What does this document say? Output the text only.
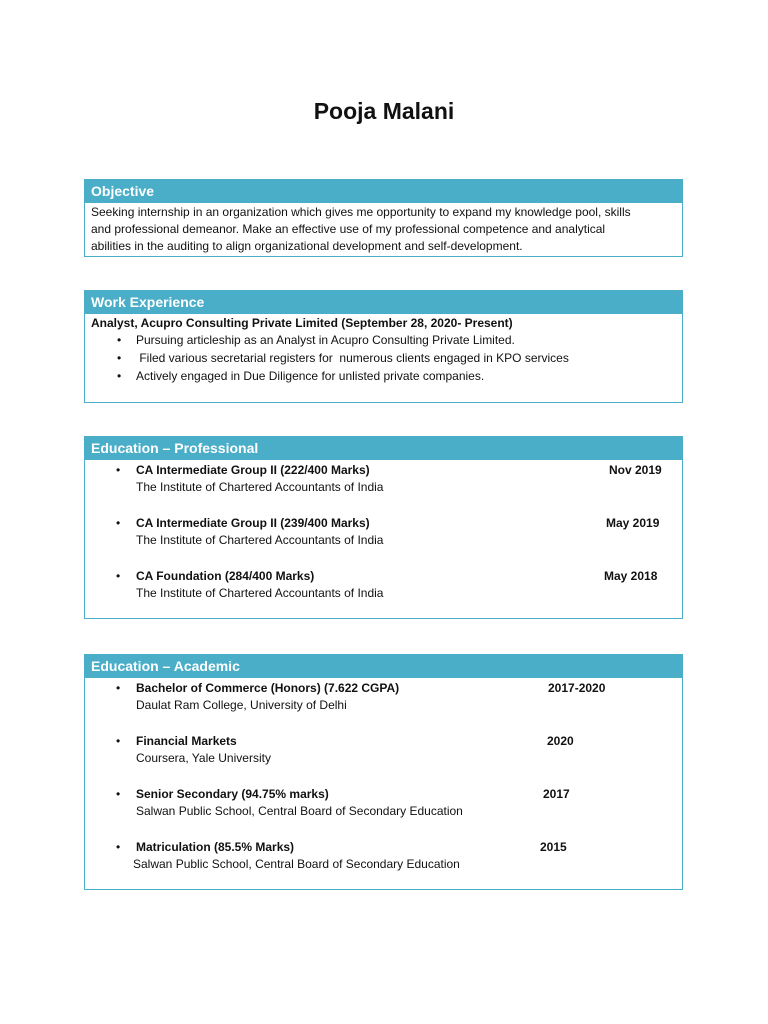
Pooja Malani
Objective
Seeking internship in an organization which gives me opportunity to expand my knowledge pool, skills
and professional demeanor. Make an effective use of my professional competence and analytical
abilities in the auditing to align organizational development and self-development.
Work Experience
Analyst, Acupro Consulting Private Limited (September 28, 2020- Present)
• Pursuing articleship as an Analyst in Acupro Consulting Private Limited.
• Filed various secretarial registers for  numerous clients engaged in KPO services
• Actively engaged in Due Diligence for unlisted private companies.
Education – Professional
• CA Intermediate Group II (222/400 Marks)
The Institute of Chartered Accountants of India
Nov 2019
• CA Intermediate Group II (239/400 Marks)
The Institute of Chartered Accountants of India
May 2019
• CA Foundation (284/400 Marks)
The Institute of Chartered Accountants of India
May 2018
Education – Academic
• Bachelor of Commerce (Honors) (7.622 CGPA)
Daulat Ram College, University of Delhi
2017-2020
• Financial Markets
Coursera, Yale University
2020
• Senior Secondary (94.75% marks)
Salwan Public School, Central Board of Secondary Education
2017
• Matriculation (85.5% Marks)
Salwan Public School, Central Board of Secondary Education
2015
